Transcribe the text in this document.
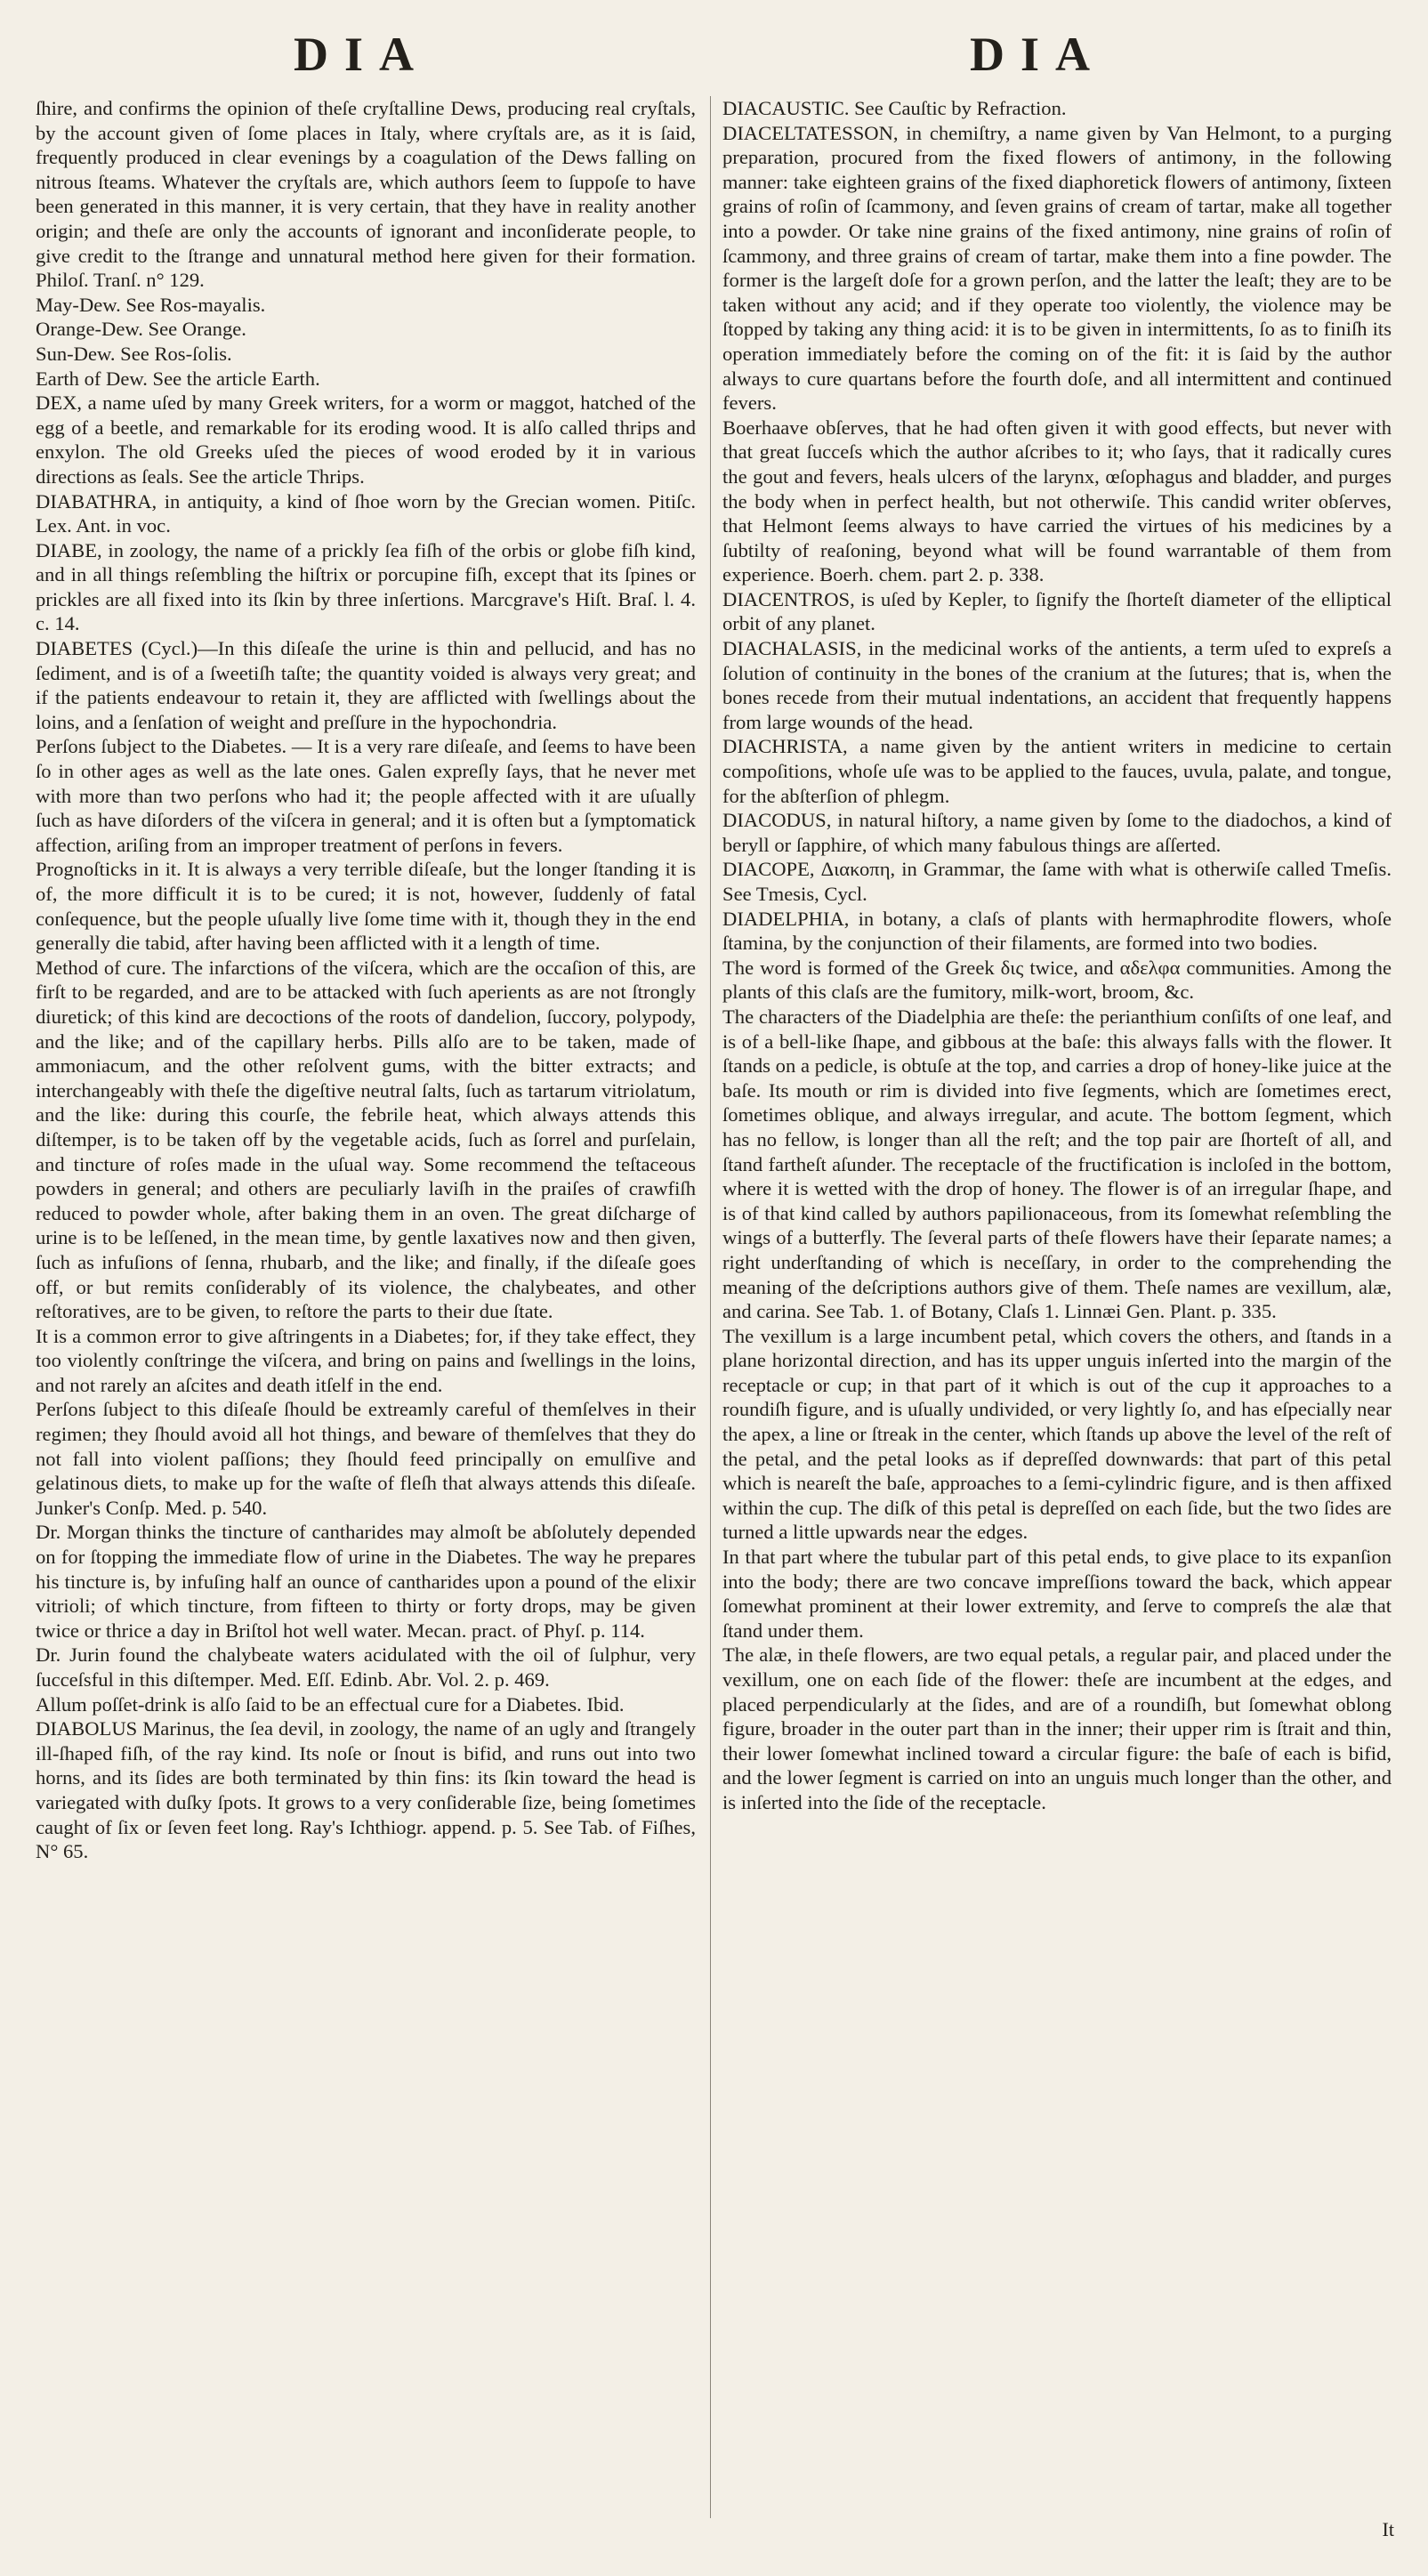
DIA	DIA

ſhire, and confirms the opinion of theſe cryſtalline Dews, producing real cryſtals, by the account given of ſome places in Italy, where cryſtals are, as it is ſaid, frequently produced in clear evenings by a coagulation of the Dews falling on nitrous ſteams. Whatever the cryſtals are, which authors ſeem to ſuppoſe to have been generated in this manner, it is very certain, that they have in reality another origin; and theſe are only the accounts of ignorant and inconſiderate people, to give credit to the ſtrange and unnatural method here given for their formation. Philoſ. Tranſ. n° 129.

May-Dew. See Ros-mayalis.

Orange-Dew. See Orange.

Sun-Dew. See Ros-ſolis.

Earth of Dew. See the article Earth.

DEX, a name uſed by many Greek writers, for a worm or maggot, hatched of the egg of a beetle, and remarkable for its eroding wood. It is alſo called thrips and enxylon. The old Greeks uſed the pieces of wood eroded by it in various directions as ſeals. See the article Thrips.

DIABATHRA, in antiquity, a kind of ſhoe worn by the Grecian women. Pitiſc. Lex. Ant. in voc.

DIABE, in zoology, the name of a prickly ſea fiſh of the orbis or globe fiſh kind, and in all things reſembling the hiſtrix or porcupine fiſh, except that its ſpines or prickles are all fixed into its ſkin by three inſertions. Marcgrave's Hiſt. Braſ. l. 4. c. 14.

DIABETES (Cycl.)—In this diſeaſe the urine is thin and pellucid, and has no ſediment, and is of a ſweetiſh taſte; the quantity voided is always very great; and if the patients endeavour to retain it, they are afflicted with ſwellings about the loins, and a ſenſation of weight and preſſure in the hypochondria.

Perſons ſubject to the Diabetes. — It is a very rare diſeaſe, and ſeems to have been ſo in other ages as well as the late ones. Galen expreſly ſays, that he never met with more than two perſons who had it; the people affected with it are uſually ſuch as have diſorders of the viſcera in general; and it is often but a ſymptomatick affection, ariſing from an improper treatment of perſons in fevers.

Prognoſticks in it. It is always a very terrible diſeaſe, but the longer ſtanding it is of, the more difficult it is to be cured; it is not, however, ſuddenly of fatal conſequence, but the people uſually live ſome time with it, though they in the end generally die tabid, after having been afflicted with it a length of time.

Method of cure. The infarctions of the viſcera, which are the occaſion of this, are firſt to be regarded, and are to be attacked with ſuch aperients as are not ſtrongly diuretick; of this kind are decoctions of the roots of dandelion, ſuccory, polypody, and the like; and of the capillary herbs. Pills alſo are to be taken, made of ammoniacum, and the other reſolvent gums, with the bitter extracts; and interchangeably with theſe the digeſtive neutral ſalts, ſuch as tartarum vitriolatum, and the like: during this courſe, the febrile heat, which always attends this diſtemper, is to be taken off by the vegetable acids, ſuch as ſorrel and purſelain, and tincture of roſes made in the uſual way. Some recommend the teſtaceous powders in general; and others are peculiarly laviſh in the praiſes of crawfiſh reduced to powder whole, after baking them in an oven. The great diſcharge of urine is to be leſſened, in the mean time, by gentle laxatives now and then given, ſuch as infuſions of ſenna, rhubarb, and the like; and finally, if the diſeaſe goes off, or but remits conſiderably of its violence, the chalybeates, and other reſtoratives, are to be given, to reſtore the parts to their due ſtate.

It is a common error to give aſtringents in a Diabetes; for, if they take effect, they too violently conſtringe the viſcera, and bring on pains and ſwellings in the loins, and not rarely an aſcites and death itſelf in the end.

Perſons ſubject to this diſeaſe ſhould be extreamly careful of themſelves in their regimen; they ſhould avoid all hot things, and beware of themſelves that they do not fall into violent paſſions; they ſhould feed principally on emulſive and gelatinous diets, to make up for the waſte of fleſh that always attends this diſeaſe. Junker's Conſp. Med. p. 540.

Dr. Morgan thinks the tincture of cantharides may almoſt be abſolutely depended on for ſtopping the immediate flow of urine in the Diabetes. The way he prepares his tincture is, by infuſing half an ounce of cantharides upon a pound of the elixir vitrioli; of which tincture, from fifteen to thirty or forty drops, may be given twice or thrice a day in Briſtol hot well water. Mecan. pract. of Phyſ. p. 114.

Dr. Jurin found the chalybeate waters acidulated with the oil of ſulphur, very ſucceſsful in this diſtemper. Med. Eſſ. Edinb. Abr. Vol. 2. p. 469.

Allum poſſet-drink is alſo ſaid to be an effectual cure for a Diabetes. Ibid.

DIABOLUS Marinus, the ſea devil, in zoology, the name of an ugly and ſtrangely ill-ſhaped fiſh, of the ray kind. Its noſe or ſnout is bifid, and runs out into two horns, and its ſides are both terminated by thin fins: its ſkin toward the head is variegated with duſky ſpots. It grows to a very conſiderable ſize, being ſometimes caught of ſix or ſeven feet long. Ray's Ichthiogr. append. p. 5. See Tab. of Fiſhes, N° 65.

DIACAUSTIC. See Cauſtic by Refraction.

DIACELTATESSON, in chemiſtry, a name given by Van Helmont, to a purging preparation, procured from the fixed flowers of antimony, in the following manner: take eighteen grains of the fixed diaphoretick flowers of antimony, ſixteen grains of roſin of ſcammony, and ſeven grains of cream of tartar, make all together into a powder. Or take nine grains of the fixed antimony, nine grains of roſin of ſcammony, and three grains of cream of tartar, make them into a fine powder. The former is the largeſt doſe for a grown perſon, and the latter the leaſt; they are to be taken without any acid; and if they operate too violently, the violence may be ſtopped by taking any thing acid: it is to be given in intermittents, ſo as to finiſh its operation immediately before the coming on of the fit: it is ſaid by the author always to cure quartans before the fourth doſe, and all intermittent and continued fevers.

Boerhaave obſerves, that he had often given it with good effects, but never with that great ſucceſs which the author aſcribes to it; who ſays, that it radically cures the gout and fevers, heals ulcers of the larynx, œſophagus and bladder, and purges the body when in perfect health, but not otherwiſe. This candid writer obſerves, that Helmont ſeems always to have carried the virtues of his medicines by a ſubtilty of reaſoning, beyond what will be found warrantable of them from experience. Boerh. chem. part 2. p. 338.

DIACENTROS, is uſed by Kepler, to ſignify the ſhorteſt diameter of the elliptical orbit of any planet.

DIACHALASIS, in the medicinal works of the antients, a term uſed to expreſs a ſolution of continuity in the bones of the cranium at the ſutures; that is, when the bones recede from their mutual indentations, an accident that frequently happens from large wounds of the head.

DIACHRISTA, a name given by the antient writers in medicine to certain compoſitions, whoſe uſe was to be applied to the fauces, uvula, palate, and tongue, for the abſterſion of phlegm.

DIACODUS, in natural hiſtory, a name given by ſome to the diadochos, a kind of beryll or ſapphire, of which many fabulous things are aſſerted.

DIACOPE, Διακοπη, in Grammar, the ſame with what is otherwiſe called Tmeſis. See Tmesis, Cycl.

DIADELPHIA, in botany, a claſs of plants with hermaphrodite flowers, whoſe ſtamina, by the conjunction of their filaments, are formed into two bodies.

The word is formed of the Greek δις twice, and αδελφα communities. Among the plants of this claſs are the fumitory, milk-wort, broom, &c.

The characters of the Diadelphia are theſe: the perianthium conſiſts of one leaf, and is of a bell-like ſhape, and gibbous at the baſe: this always falls with the flower. It ſtands on a pedicle, is obtuſe at the top, and carries a drop of honey-like juice at the baſe. Its mouth or rim is divided into five ſegments, which are ſometimes erect, ſometimes oblique, and always irregular, and acute. The bottom ſegment, which has no fellow, is longer than all the reſt; and the top pair are ſhorteſt of all, and ſtand fartheſt aſunder. The receptacle of the fructification is incloſed in the bottom, where it is wetted with the drop of honey. The flower is of an irregular ſhape, and is of that kind called by authors papilionaceous, from its ſomewhat reſembling the wings of a butterfly. The ſeveral parts of theſe flowers have their ſeparate names; a right underſtanding of which is neceſſary, in order to the comprehending the meaning of the deſcriptions authors give of them. Theſe names are vexillum, alæ, and carina. See Tab. 1. of Botany, Claſs 1. Linnæi Gen. Plant. p. 335.

The vexillum is a large incumbent petal, which covers the others, and ſtands in a plane horizontal direction, and has its upper unguis inſerted into the margin of the receptacle or cup; in that part of it which is out of the cup it approaches to a roundiſh figure, and is uſually undivided, or very lightly ſo, and has eſpecially near the apex, a line or ſtreak in the center, which ſtands up above the level of the reſt of the petal, and the petal looks as if depreſſed downwards: that part of this petal which is neareſt the baſe, approaches to a ſemi-cylindric figure, and is then affixed within the cup. The diſk of this petal is depreſſed on each ſide, but the two ſides are turned a little upwards near the edges.

In that part where the tubular part of this petal ends, to give place to its expanſion into the body; there are two concave impreſſions toward the back, which appear ſomewhat prominent at their lower extremity, and ſerve to compreſs the alæ that ſtand under them.

The alæ, in theſe flowers, are two equal petals, a regular pair, and placed under the vexillum, one on each ſide of the flower: theſe are incumbent at the edges, and placed perpendicularly at the ſides, and are of a roundiſh, but ſomewhat oblong figure, broader in the outer part than in the inner; their upper rim is ſtrait and thin, their lower ſomewhat inclined toward a circular figure: the baſe of each is bifid, and the lower ſegment is carried on into an unguis much longer than the other, and is inſerted into the ſide of the receptacle.

It
